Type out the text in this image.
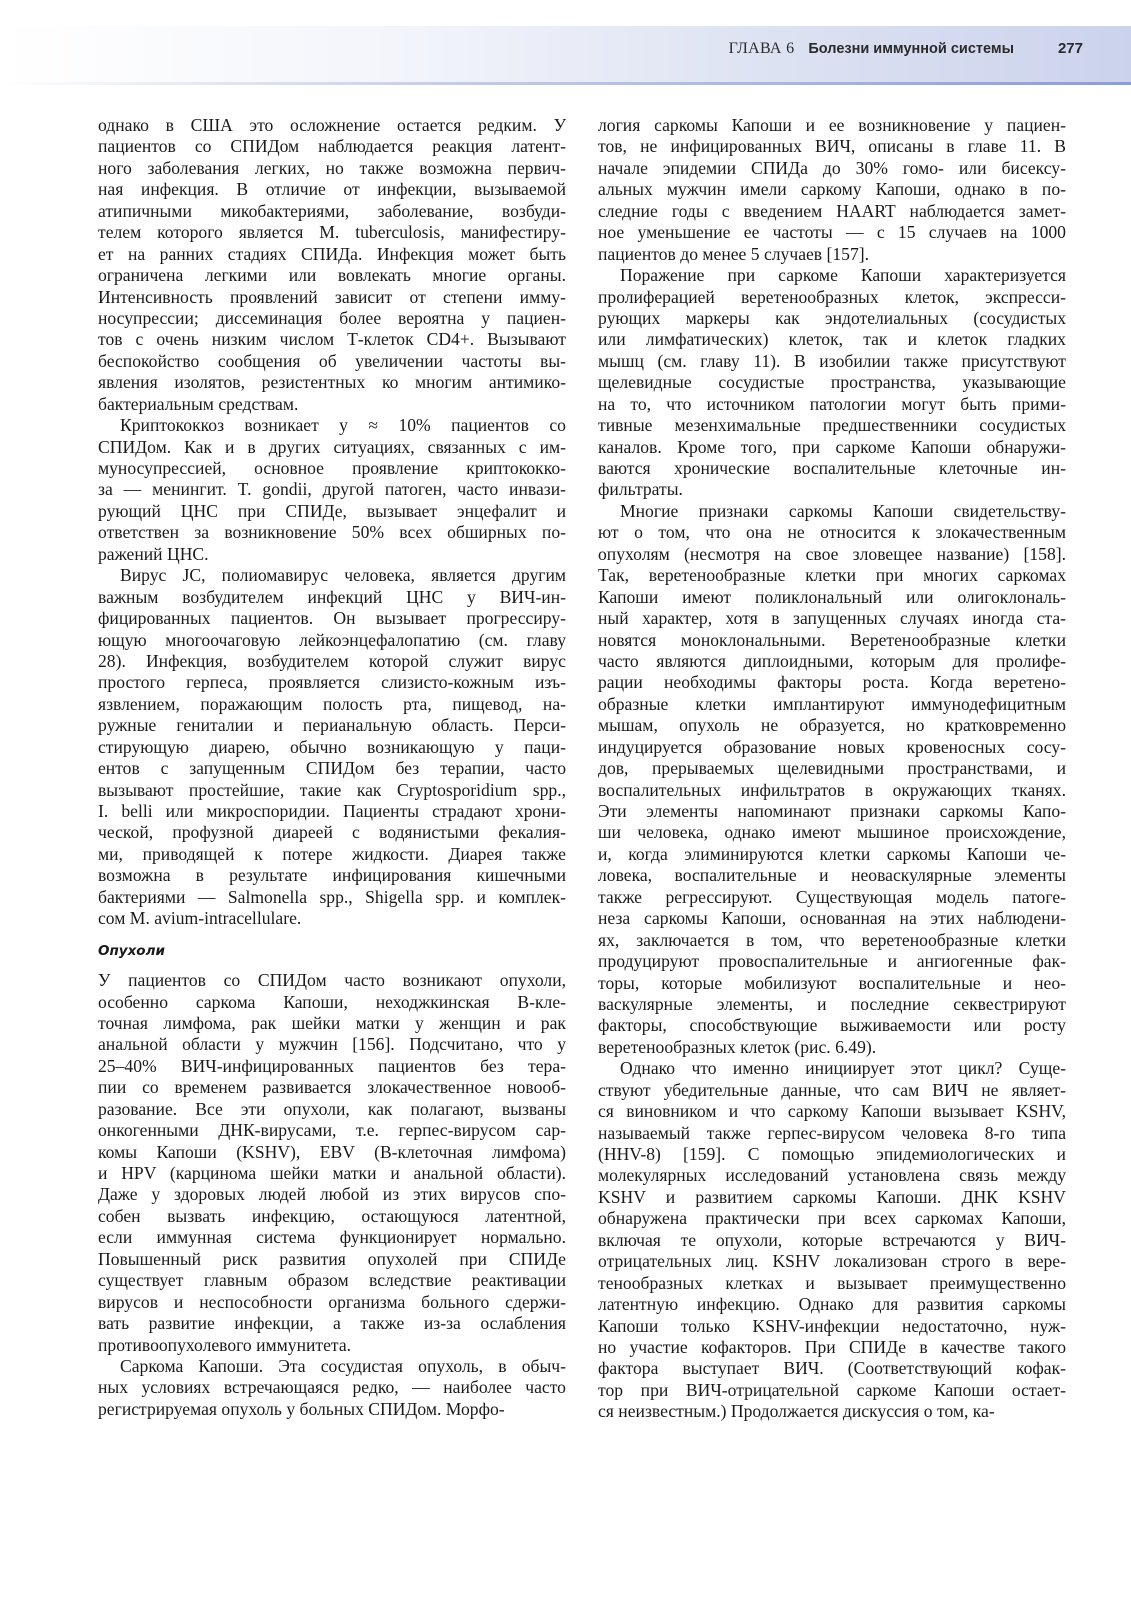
ГЛАВА 6 Болезни иммунной системы	277
однако в США это осложнение остается редким. У
пациентов со СПИДом наблюдается реакция латент-
ного заболевания легких, но также возможна первич-
ная инфекция. В отличие от инфекции, вызываемой
атипичными микобактериями, заболевание, возбуди-
телем которого является M. tuberculosis, манифестиру-
ет на ранних стадиях СПИДа. Инфекция может быть
ограничена легкими или вовлекать многие органы.
Интенсивность проявлений зависит от степени имму-
носупрессии; диссеминация более вероятна у пациен-
тов с очень низким числом Т-клеток CD4+. Вызывают
беспокойство сообщения об увеличении частоты вы-
явления изолятов, резистентных ко многим антимико-
бактериальным средствам.
Криптококкоз возникает у ≈ 10% пациентов со
СПИДом. Как и в других ситуациях, связанных с им-
муносупрессией, основное проявление криптококко-
за — менингит. T. gondii, другой патоген, часто инвази-
рующий ЦНС при СПИДе, вызывает энцефалит и
ответствен за возникновение 50% всех обширных по-
ражений ЦНС.
Вирус JC, полиомавирус человека, является другим
важным возбудителем инфекций ЦНС у ВИЧ-ин-
фицированных пациентов. Он вызывает прогрессиру-
ющую многоочаговую лейкоэнцефалопатию (см. главу
28). Инфекция, возбудителем которой служит вирус
простого герпеса, проявляется слизисто-кожным изъ-
язвлением, поражающим полость рта, пищевод, на-
ружные гениталии и перианальную область. Перси-
стирующую диарею, обычно возникающую у паци-
ентов с запущенным СПИДом без терапии, часто
вызывают простейшие, такие как Cryptosporidium spp.,
I. belli или микроспоридии. Пациенты страдают хрони-
ческой, профузной диареей с водянистыми фекалия-
ми, приводящей к потере жидкости. Диарея также
возможна в результате инфицирования кишечными
бактериями — Salmonella spp., Shigella spp. и комплек-
сом M. avium-intracellulare.
Опухоли
У пациентов со СПИДом часто возникают опухоли,
особенно саркома Капоши, неходжкинская В-кле-
точная лимфома, рак шейки матки у женщин и рак
анальной области у мужчин [156]. Подсчитано, что у
25–40% ВИЧ-инфицированных пациентов без тера-
пии со временем развивается злокачественное новооб-
разование. Все эти опухоли, как полагают, вызваны
онкогенными ДНК-вирусами, т.е. герпес-вирусом сар-
комы Капоши (KSHV), EBV (В-клеточная лимфома)
и HPV (карцинома шейки матки и анальной области).
Даже у здоровых людей любой из этих вирусов спо-
собен вызвать инфекцию, остающуюся латентной,
если иммунная система функционирует нормально.
Повышенный риск развития опухолей при СПИДе
существует главным образом вследствие реактивации
вирусов и неспособности организма больного сдержи-
вать развитие инфекции, а также из-за ослабления
противоопухолевого иммунитета.
Саркома Капоши. Эта сосудистая опухоль, в обыч-
ных условиях встречающаяся редко, — наиболее часто
регистрируемая опухоль у больных СПИДом. Морфо-
логия саркомы Капоши и ее возникновение у пациен-
тов, не инфицированных ВИЧ, описаны в главе 11. В
начале эпидемии СПИДа до 30% гомо- или бисексу-
альных мужчин имели саркому Капоши, однако в по-
следние годы с введением HAART наблюдается замет-
ное уменьшение ее частоты — с 15 случаев на 1000
пациентов до менее 5 случаев [157].
Поражение при саркоме Капоши характеризуется
пролиферацией веретенообразных клеток, экспресси-
рующих маркеры как эндотелиальных (сосудистых
или лимфатических) клеток, так и клеток гладких
мышц (см. главу 11). В изобилии также присутствуют
щелевидные сосудистые пространства, указывающие
на то, что источником патологии могут быть прими-
тивные мезенхимальные предшественники сосудистых
каналов. Кроме того, при саркоме Капоши обнаружи-
ваются хронические воспалительные клеточные ин-
фильтраты.
Многие признаки саркомы Капоши свидетельству-
ют о том, что она не относится к злокачественным
опухолям (несмотря на свое зловещее название) [158].
Так, веретенообразные клетки при многих саркомах
Капоши имеют поликлональный или олигоклональ-
ный характер, хотя в запущенных случаях иногда ста-
новятся моноклональными. Веретенообразные клетки
часто являются диплоидными, которым для пролифе-
рации необходимы факторы роста. Когда веретено-
образные клетки имплантируют иммунодефицитным
мышам, опухоль не образуется, но кратковременно
индуцируется образование новых кровеносных сосу-
дов, прерываемых щелевидными пространствами, и
воспалительных инфильтратов в окружающих тканях.
Эти элементы напоминают признаки саркомы Капо-
ши человека, однако имеют мышиное происхождение,
и, когда элиминируются клетки саркомы Капоши че-
ловека, воспалительные и неоваскулярные элементы
также регрессируют. Существующая модель патоге-
неза саркомы Капоши, основанная на этих наблюдени-
ях, заключается в том, что веретенообразные клетки
продуцируют провоспалительные и ангиогенные фак-
торы, которые мобилизуют воспалительные и нео-
васкулярные элементы, и последние секвестрируют
факторы, способствующие выживаемости или росту
веретенообразных клеток (рис. 6.49).
Однако что именно инициирует этот цикл? Суще-
ствуют убедительные данные, что сам ВИЧ не являет-
ся виновником и что саркому Капоши вызывает KSHV,
называемый также герпес-вирусом человека 8-го типа
(HHV-8) [159]. С помощью эпидемиологических и
молекулярных исследований установлена связь между
KSHV и развитием саркомы Капоши. ДНК KSHV
обнаружена практически при всех саркомах Капоши,
включая те опухоли, которые встречаются у ВИЧ-
отрицательных лиц. KSHV локализован строго в вере-
тенообразных клетках и вызывает преимущественно
латентную инфекцию. Однако для развития саркомы
Капоши только KSHV-инфекции недостаточно, нуж-
но участие кофакторов. При СПИДе в качестве такого
фактора выступает ВИЧ. (Соответствующий кофак-
тор при ВИЧ-отрицательной саркоме Капоши остает-
ся неизвестным.) Продолжается дискуссия о том, ка-
